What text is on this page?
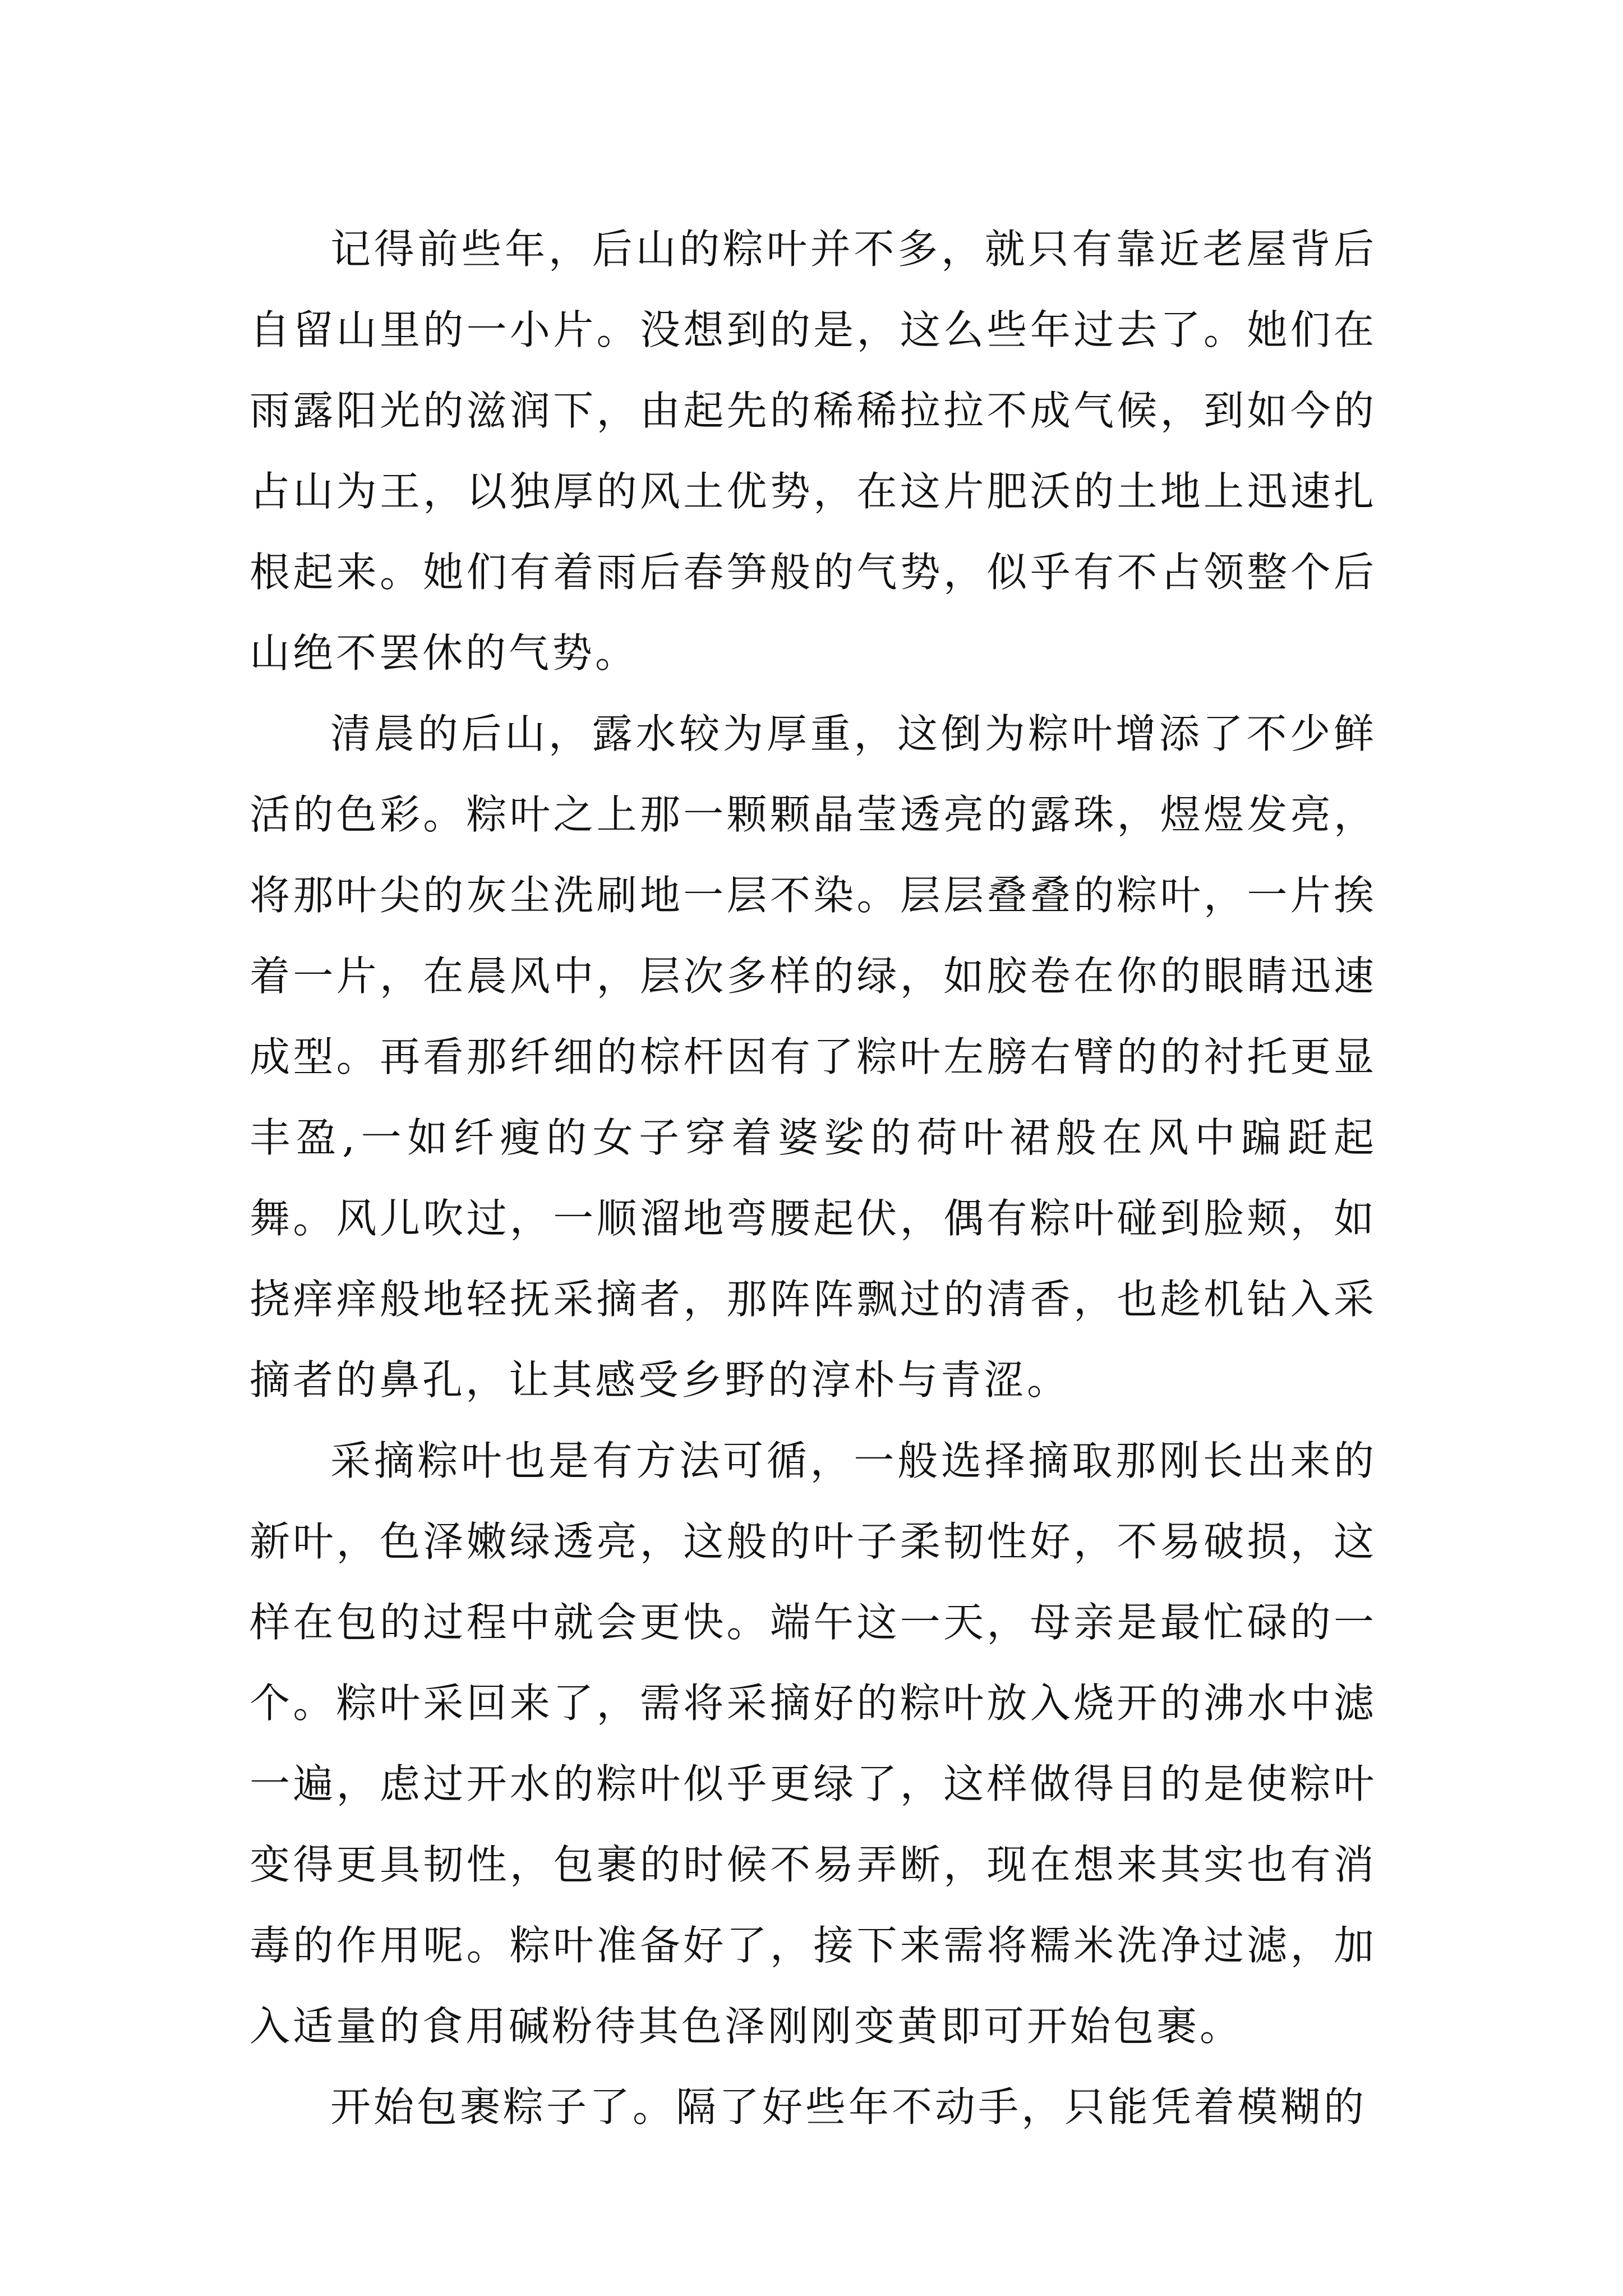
记得前些年，后山的粽叶并不多，就只有靠近老屋背后自留山里的一小片。没想到的是，这么些年过去了。她们在雨露阳光的滋润下，由起先的稀稀拉拉不成气候，到如今的占山为王，以独厚的风土优势，在这片肥沃的土地上迅速扎根起来。她们有着雨后春笋般的气势，似乎有不占领整个后山绝不罢休的气势。

清晨的后山，露水较为厚重，这倒为粽叶增添了不少鲜活的色彩。粽叶之上那一颗颗晶莹透亮的露珠，煜煜发亮，将那叶尖的灰尘洗刷地一层不染。层层叠叠的粽叶，一片挨着一片，在晨风中，层次多样的绿，如胶卷在你的眼睛迅速成型。再看那纤细的棕杆因有了粽叶左膀右臂的的衬托更显丰盈,一如纤瘦的女子穿着婆娑的荷叶裙般在风中蹁跹起舞。风儿吹过，一顺溜地弯腰起伏，偶有粽叶碰到脸颊，如挠痒痒般地轻抚采摘者，那阵阵飘过的清香，也趁机钻入采摘者的鼻孔，让其感受乡野的淳朴与青涩。

采摘粽叶也是有方法可循，一般选择摘取那刚长出来的新叶，色泽嫩绿透亮，这般的叶子柔韧性好，不易破损，这样在包的过程中就会更快。端午这一天，母亲是最忙碌的一个。粽叶采回来了，需将采摘好的粽叶放入烧开的沸水中滤一遍，虑过开水的粽叶似乎更绿了，这样做得目的是使粽叶变得更具韧性，包裹的时候不易弄断，现在想来其实也有消毒的作用呢。粽叶准备好了，接下来需将糯米洗净过滤，加入适量的食用碱粉待其色泽刚刚变黄即可开始包裹。

开始包裹粽子了。隔了好些年不动手，只能凭着模糊的
